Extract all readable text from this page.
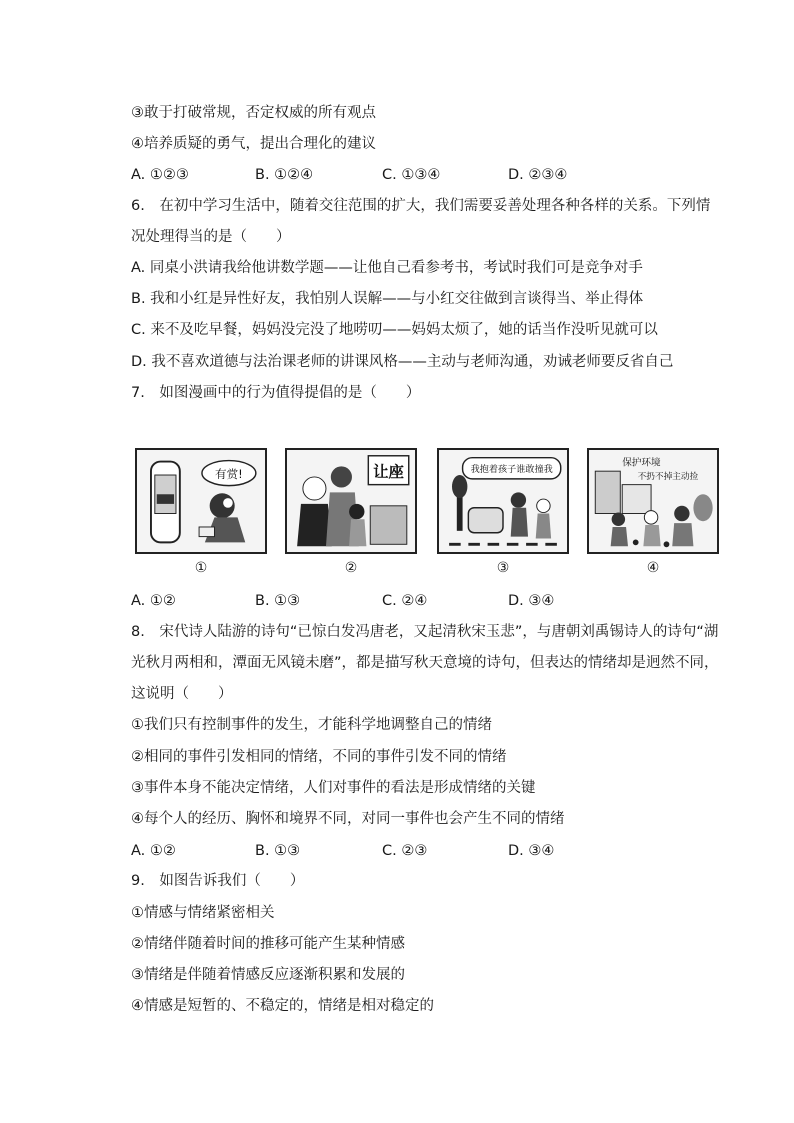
③敢于打破常规，否定权威的所有观点
④培养质疑的勇气，提出合理化的建议
A. ①②③	B. ①②④	C. ①③④	D. ②③④
6.　在初中学习生活中，随着交往范围的扩大，我们需要妥善处理各种各样的关系。下列情
况处理得当的是（　　）
A. 同桌小洪请我给他讲数学题——让他自己看参考书，考试时我们可是竞争对手
B. 我和小红是异性好友，我怕别人误解——与小红交往做到言谈得当、举止得体
C. 来不及吃早餐，妈妈没完没了地唠叨——妈妈太烦了，她的话当作没听见就可以
D. 我不喜欢道德与法治课老师的讲课风格——主动与老师沟通，劝诫老师要反省自己
7.　如图漫画中的行为值得提倡的是（　　）
有赏!
①
让座
②
我抱着孩子谁敢撞我
③
保护环境
不扔不掉主动捡
④
A. ①②	B. ①③	C. ②④	D. ③④
8.　宋代诗人陆游的诗句“已惊白发冯唐老，又起清秋宋玉悲”，与唐朝刘禹锡诗人的诗句“湖
光秋月两相和，潭面无风镜未磨”，都是描写秋天意境的诗句，但表达的情绪却是迥然不同，
这说明（　　）
①我们只有控制事件的发生，才能科学地调整自己的情绪
②相同的事件引发相同的情绪，不同的事件引发不同的情绪
③事件本身不能决定情绪，人们对事件的看法是形成情绪的关键
④每个人的经历、胸怀和境界不同，对同一事件也会产生不同的情绪
A. ①②	B. ①③	C. ②③	D. ③④
9.　如图告诉我们（　　）
①情感与情绪紧密相关
②情绪伴随着时间的推移可能产生某种情感
③情绪是伴随着情感反应逐渐积累和发展的
④情感是短暂的、不稳定的，情绪是相对稳定的
